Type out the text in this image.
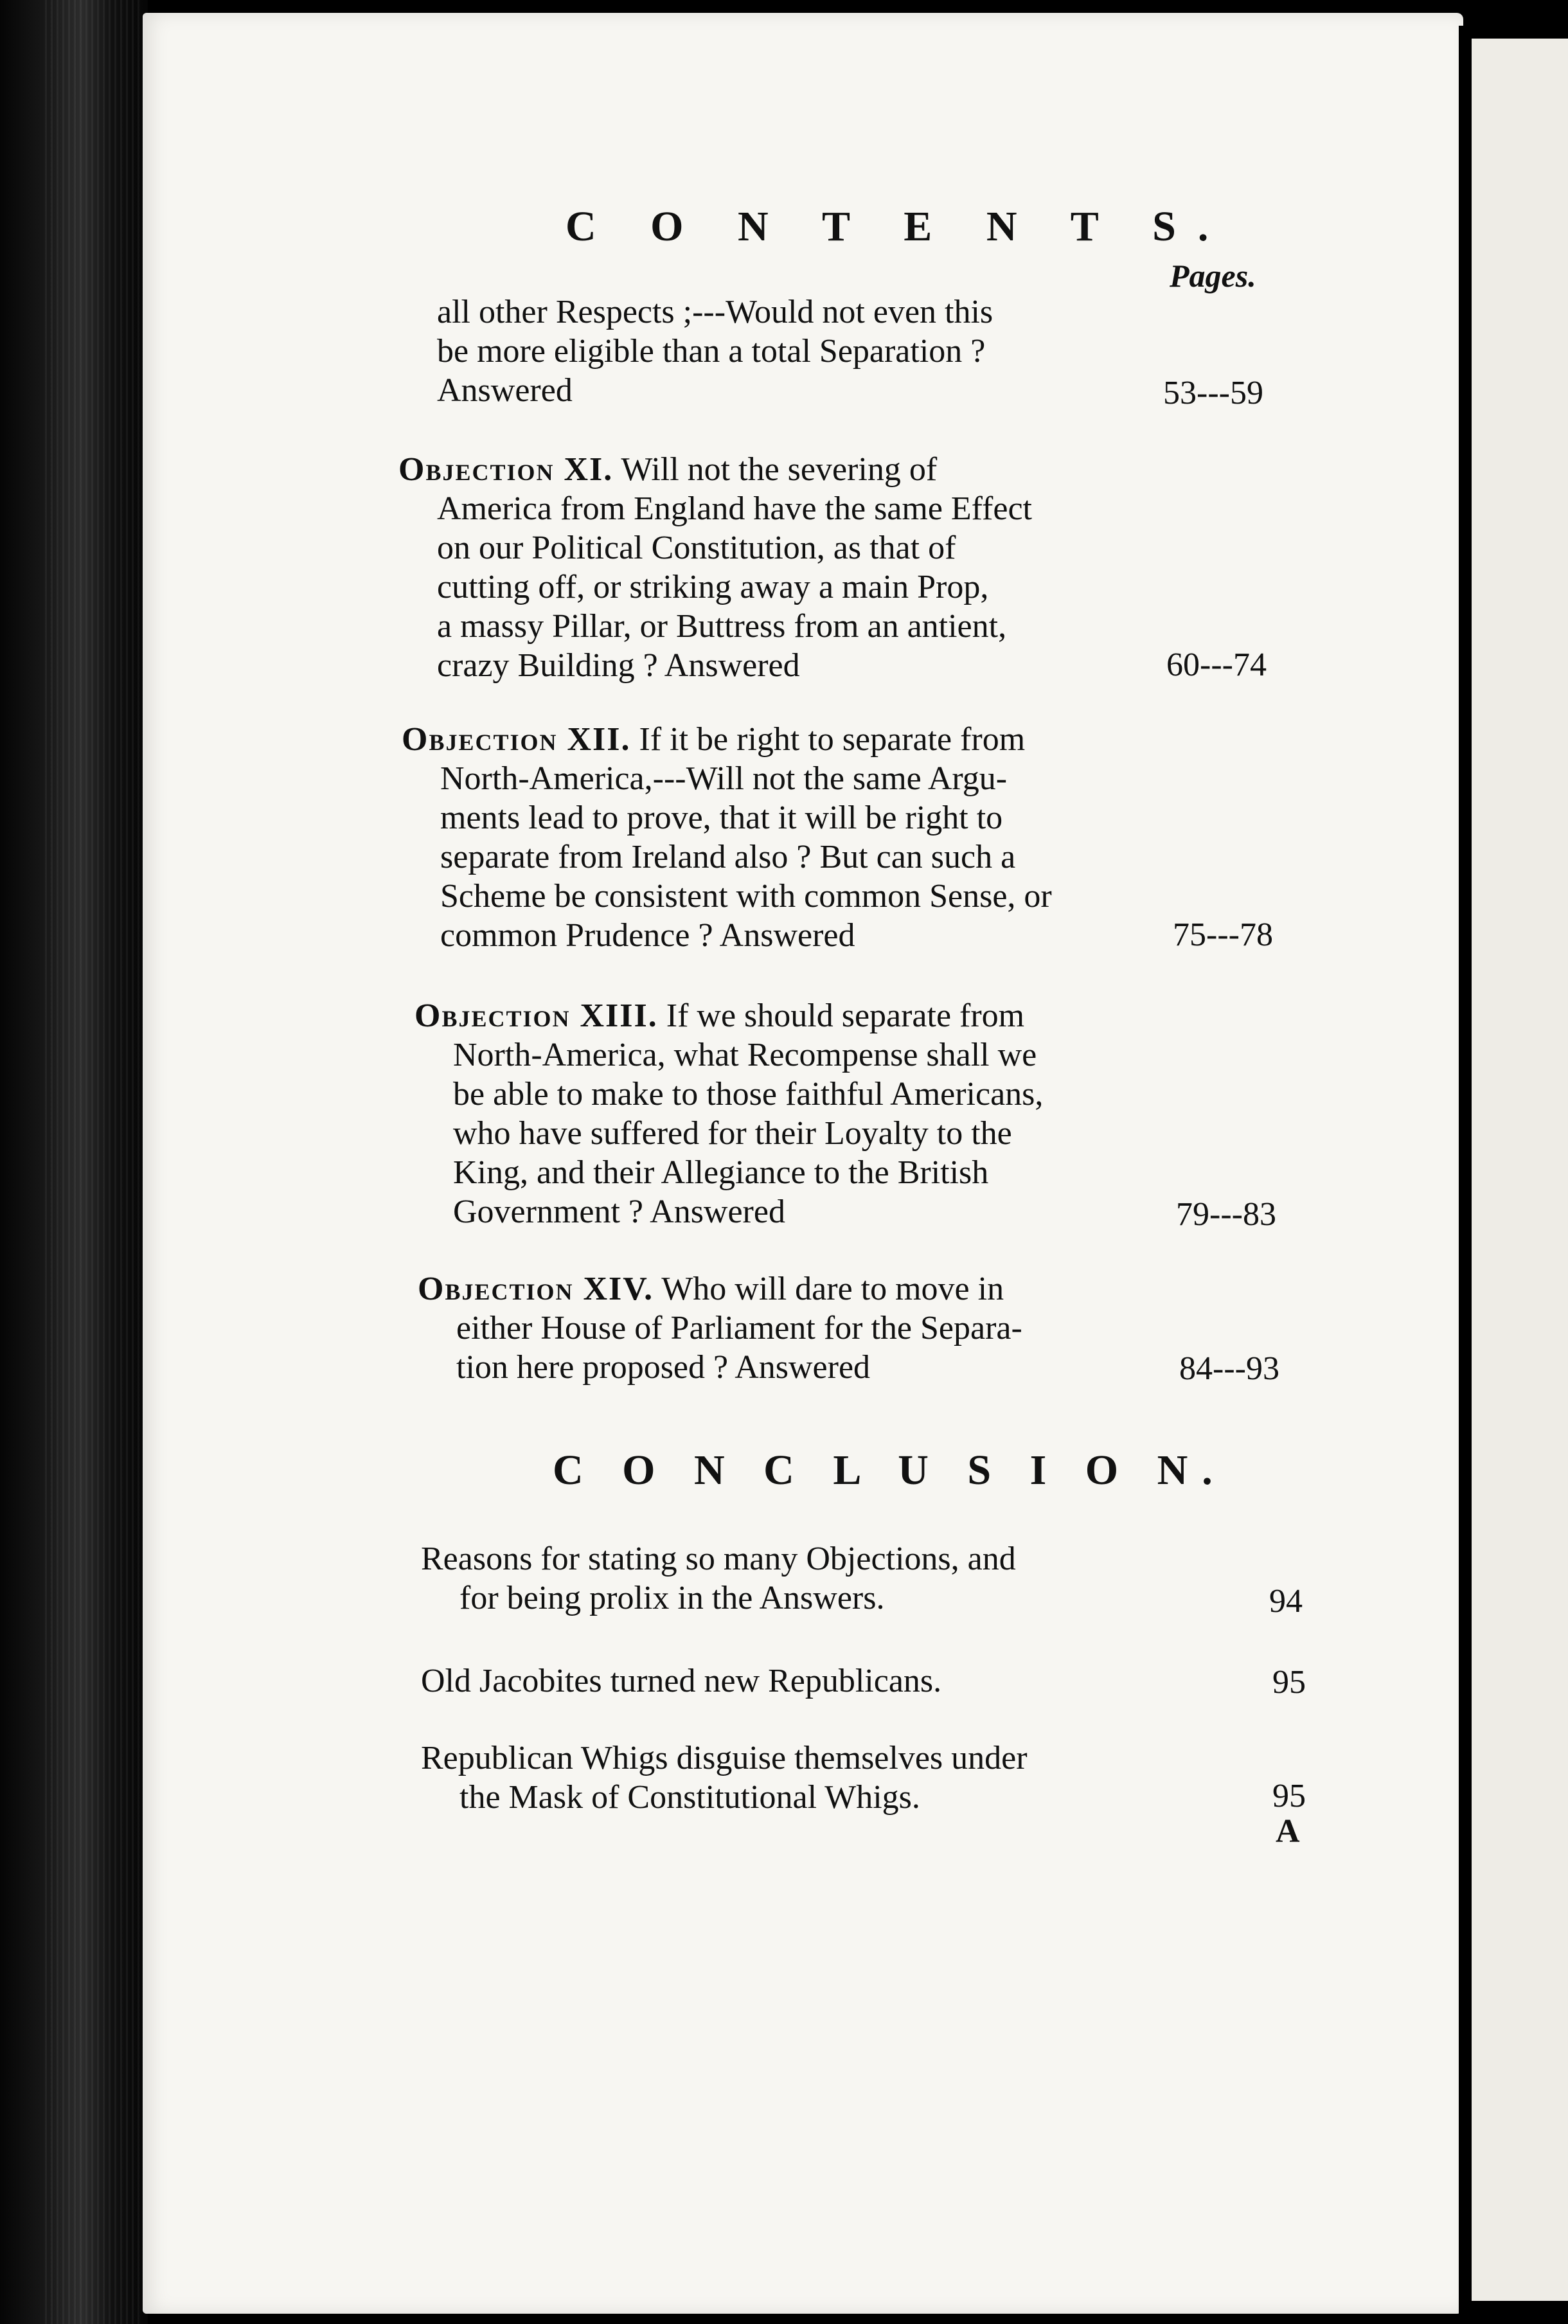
C O N T E N T S.

Pages.

all other Respects ;---Would not even this
be more eligible than a total Separation ?
Answered	53---59
Objection XI. Will not the severing of
America from England have the same Effect
on our Political Constitution, as that of
cutting off, or striking away a main Prop,
a massy Pillar, or Buttress from an antient,
crazy Building ? Answered	60---74
Objection XII. If it be right to separate from
North-America,---Will not the same Argu-
ments lead to prove, that it will be right to
separate from Ireland also ? But can such a
Scheme be consistent with common Sense, or
common Prudence ? Answered	75---78
Objection XIII. If we should separate from
North-America, what Recompense shall we
be able to make to those faithful Americans,
who have suffered for their Loyalty to the
King, and their Allegiance to the British
Government ? Answered	79---83
Objection XIV. Who will dare to move in
either House of Parliament for the Separa-
tion here proposed ? Answered	84---93
C O N C L U S I O N.
Reasons for stating so many Objections, and
for being prolix in the Answers.	94
Old Jacobites turned new Republicans.	95
Republican Whigs disguise themselves under
the Mask of Constitutional Whigs.	95
A
